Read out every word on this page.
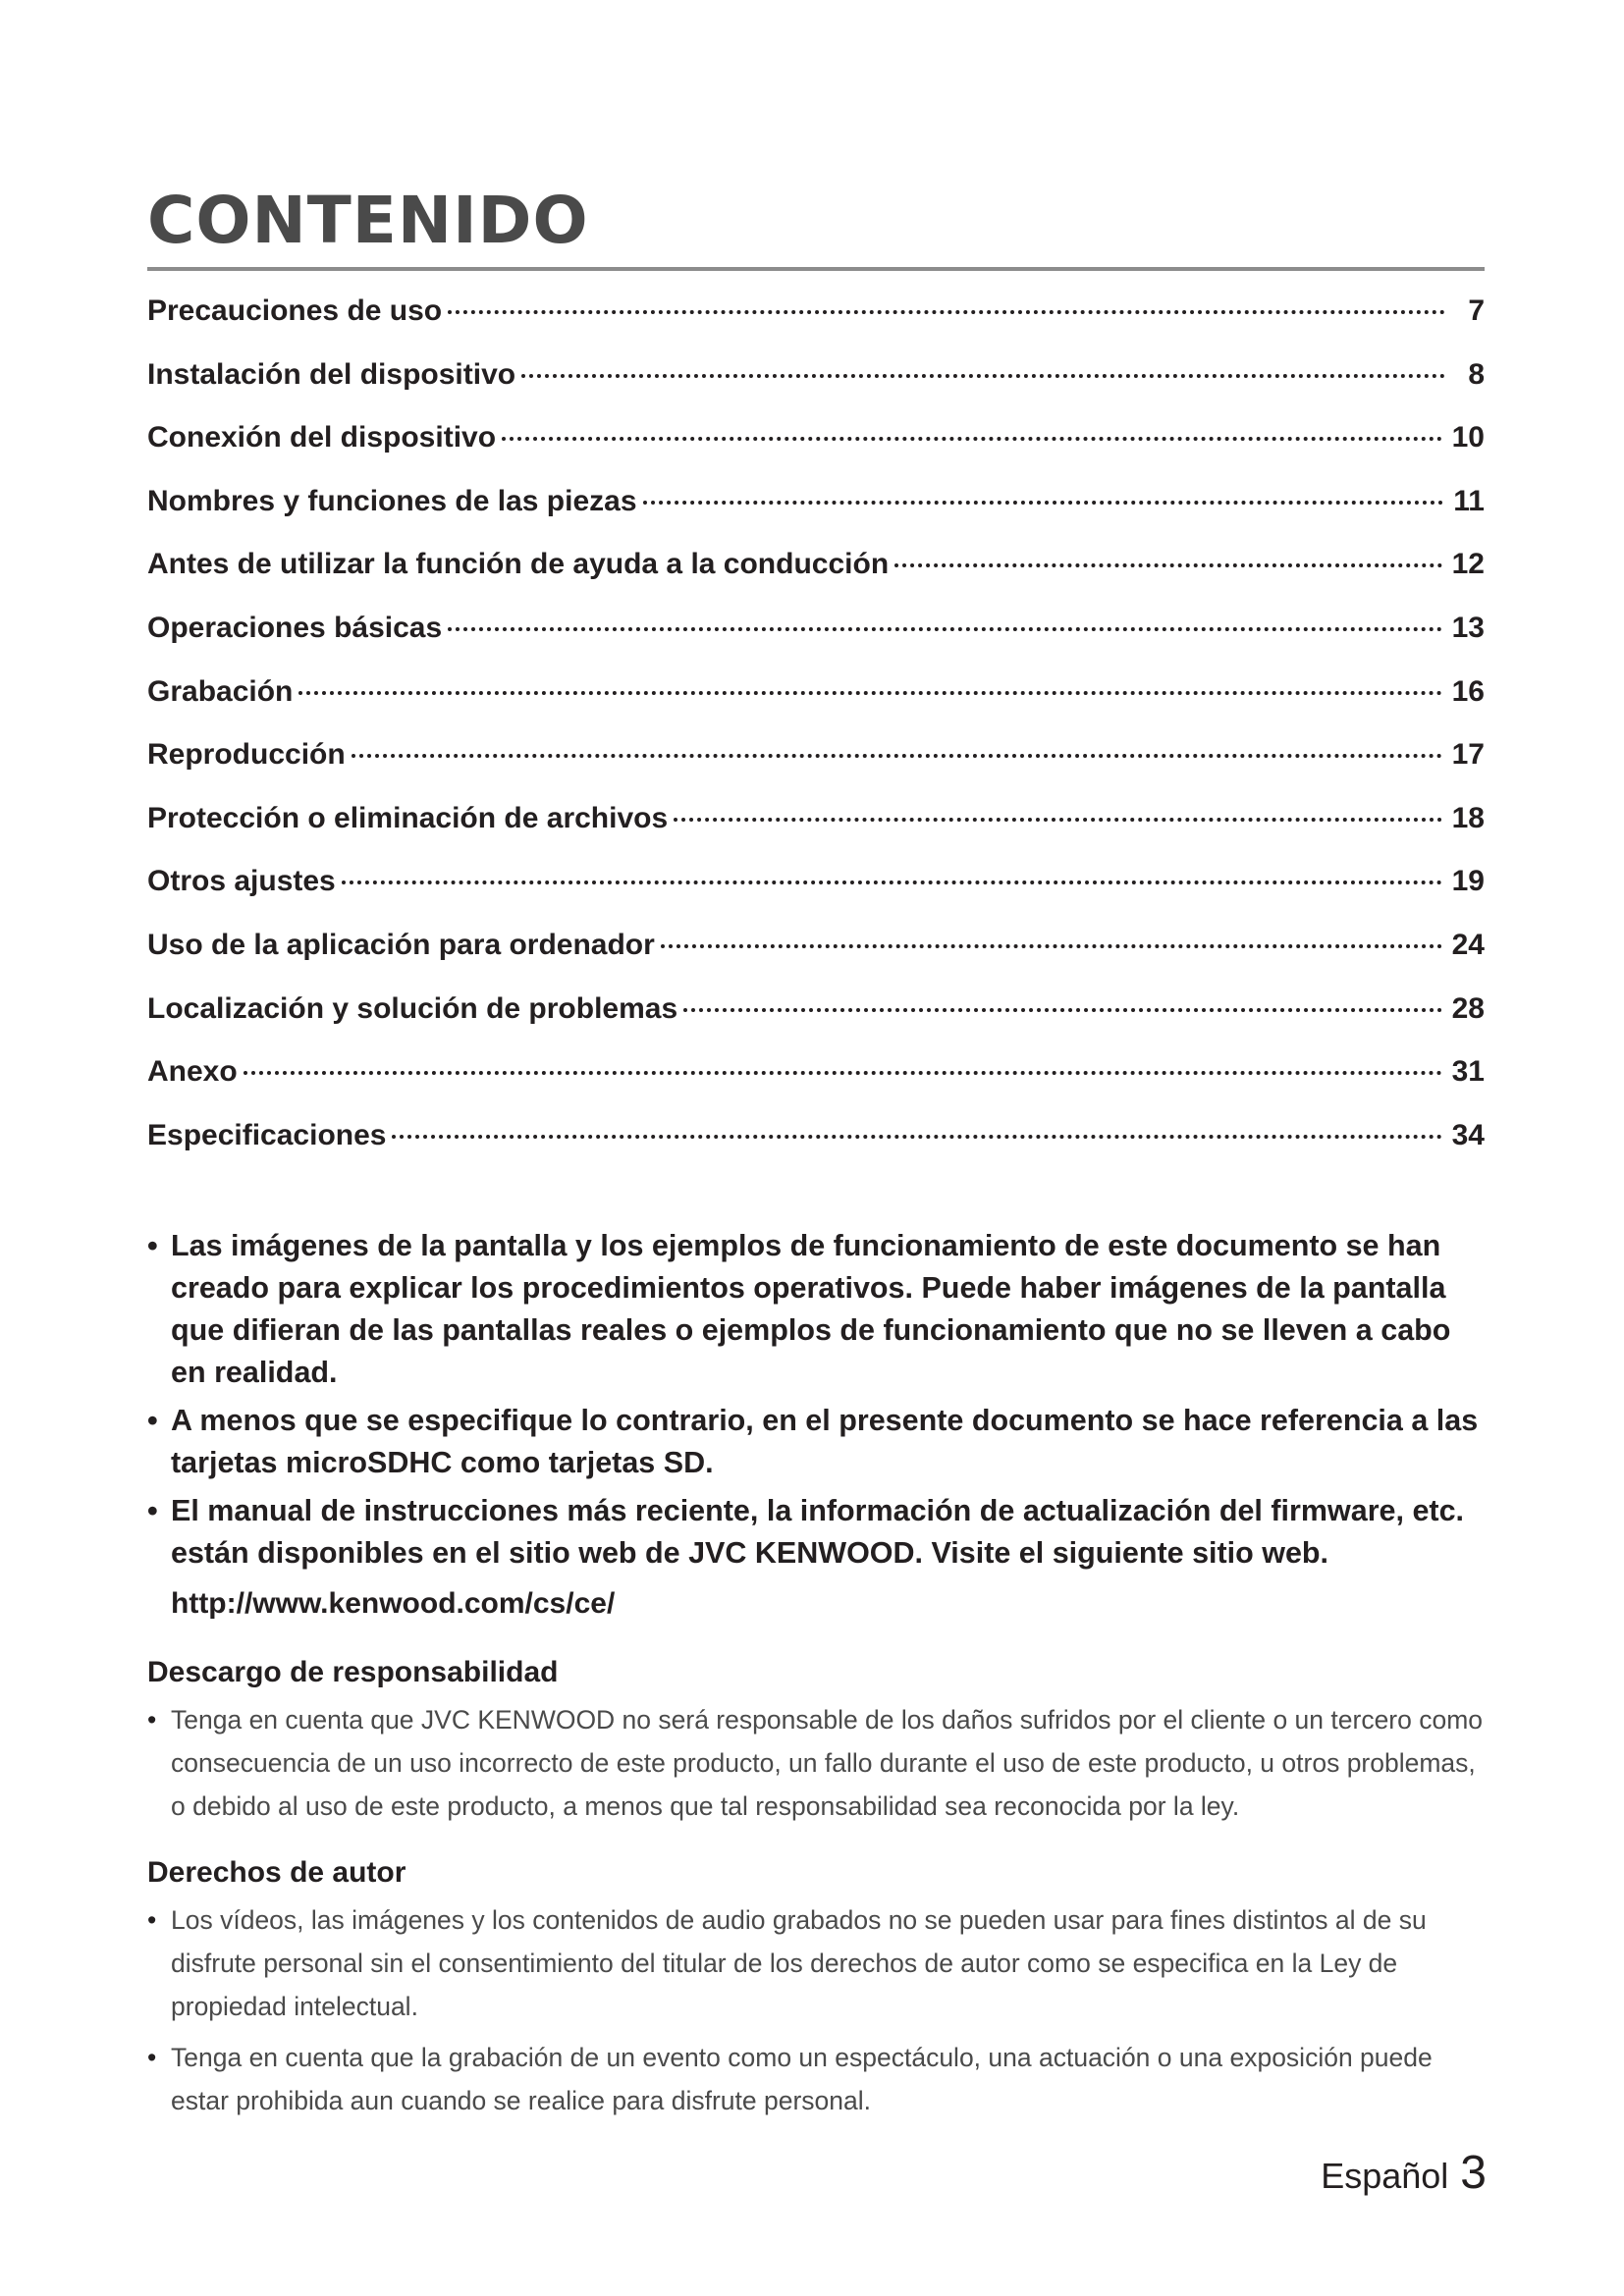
CONTENIDO
Precauciones de uso	7
Instalación del dispositivo	8
Conexión del dispositivo	10
Nombres y funciones de las piezas	11
Antes de utilizar la función de ayuda a la conducción	12
Operaciones básicas	13
Grabación	16
Reproducción	17
Protección o eliminación de archivos	18
Otros ajustes	19
Uso de la aplicación para ordenador	24
Localización y solución de problemas	28
Anexo	31
Especificaciones	34
• Las imágenes de la pantalla y los ejemplos de funcionamiento de este documento se han creado para explicar los procedimientos operativos. Puede haber imágenes de la pantalla que difieran de las pantallas reales o ejemplos de funcionamiento que no se lleven a cabo en realidad.
• A menos que se especifique lo contrario, en el presente documento se hace referencia a las tarjetas microSDHC como tarjetas SD.
• El manual de instrucciones más reciente, la información de actualización del firmware, etc. están disponibles en el sitio web de JVC KENWOOD. Visite el siguiente sitio web.
http://www.kenwood.com/cs/ce/
Descargo de responsabilidad
• Tenga en cuenta que JVC KENWOOD no será responsable de los daños sufridos por el cliente o un tercero como consecuencia de un uso incorrecto de este producto, un fallo durante el uso de este producto, u otros problemas, o debido al uso de este producto, a menos que tal responsabilidad sea reconocida por la ley.
Derechos de autor
• Los vídeos, las imágenes y los contenidos de audio grabados no se pueden usar para fines distintos al de su disfrute personal sin el consentimiento del titular de los derechos de autor como se especifica en la Ley de propiedad intelectual.
• Tenga en cuenta que la grabación de un evento como un espectáculo, una actuación o una exposición puede estar prohibida aun cuando se realice para disfrute personal.
Español 3
